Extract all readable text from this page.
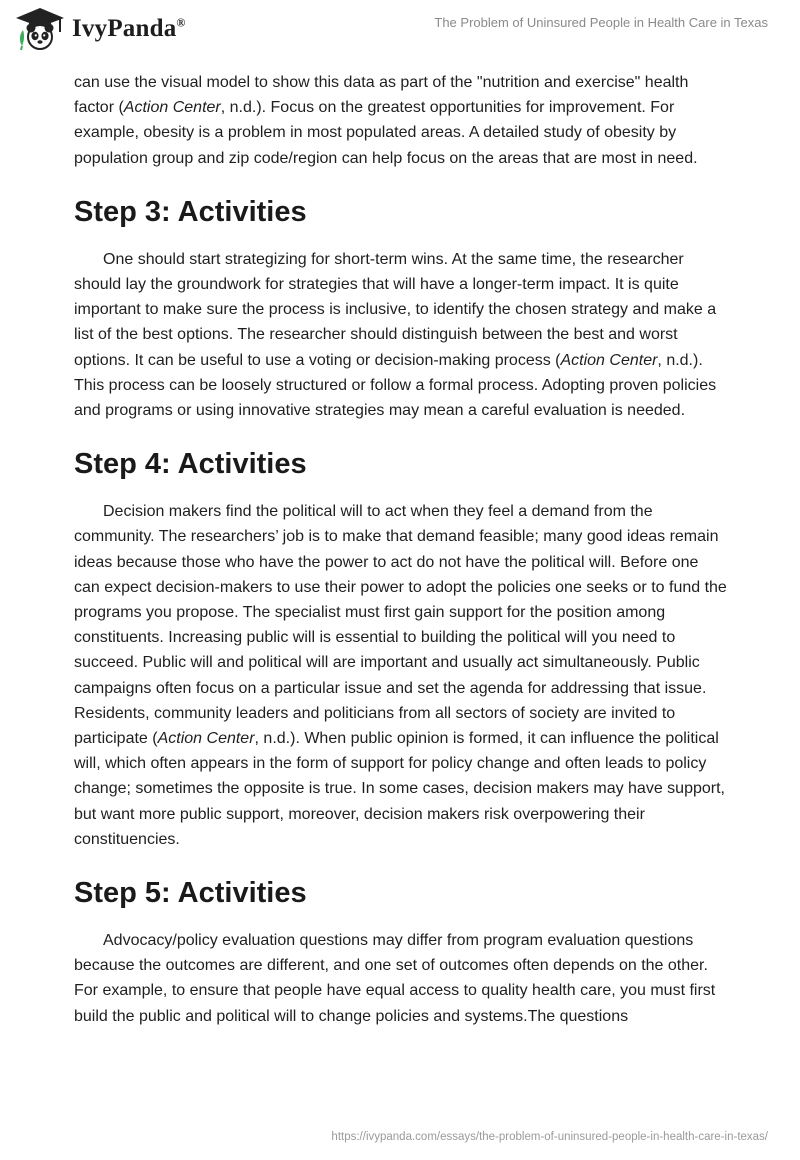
IvyPanda®	The Problem of Uninsured People in Health Care in Texas

can use the visual model to show this data as part of the "nutrition and exercise" health factor (Action Center, n.d.). Focus on the greatest opportunities for improvement. For example, obesity is a problem in most populated areas. A detailed study of obesity by population group and zip code/region can help focus on the areas that are most in need.

Step 3: Activities

One should start strategizing for short-term wins. At the same time, the researcher should lay the groundwork for strategies that will have a longer-term impact. It is quite important to make sure the process is inclusive, to identify the chosen strategy and make a list of the best options. The researcher should distinguish between the best and worst options. It can be useful to use a voting or decision-making process (Action Center, n.d.). This process can be loosely structured or follow a formal process. Adopting proven policies and programs or using innovative strategies may mean a careful evaluation is needed.

Step 4: Activities

Decision makers find the political will to act when they feel a demand from the community. The researchers’ job is to make that demand feasible; many good ideas remain ideas because those who have the power to act do not have the political will. Before one can expect decision-makers to use their power to adopt the policies one seeks or to fund the programs you propose. The specialist must first gain support for the position among constituents. Increasing public will is essential to building the political will you need to succeed. Public will and political will are important and usually act simultaneously. Public campaigns often focus on a particular issue and set the agenda for addressing that issue. Residents, community leaders and politicians from all sectors of society are invited to participate (Action Center, n.d.). When public opinion is formed, it can influence the political will, which often appears in the form of support for policy change and often leads to policy change; sometimes the opposite is true. In some cases, decision makers may have support, but want more public support, moreover, decision makers risk overpowering their constituencies.

Step 5: Activities

Advocacy/policy evaluation questions may differ from program evaluation questions because the outcomes are different, and one set of outcomes often depends on the other. For example, to ensure that people have equal access to quality health care, you must first build the public and political will to change policies and systems.The questions

https://ivypanda.com/essays/the-problem-of-uninsured-people-in-health-care-in-texas/
